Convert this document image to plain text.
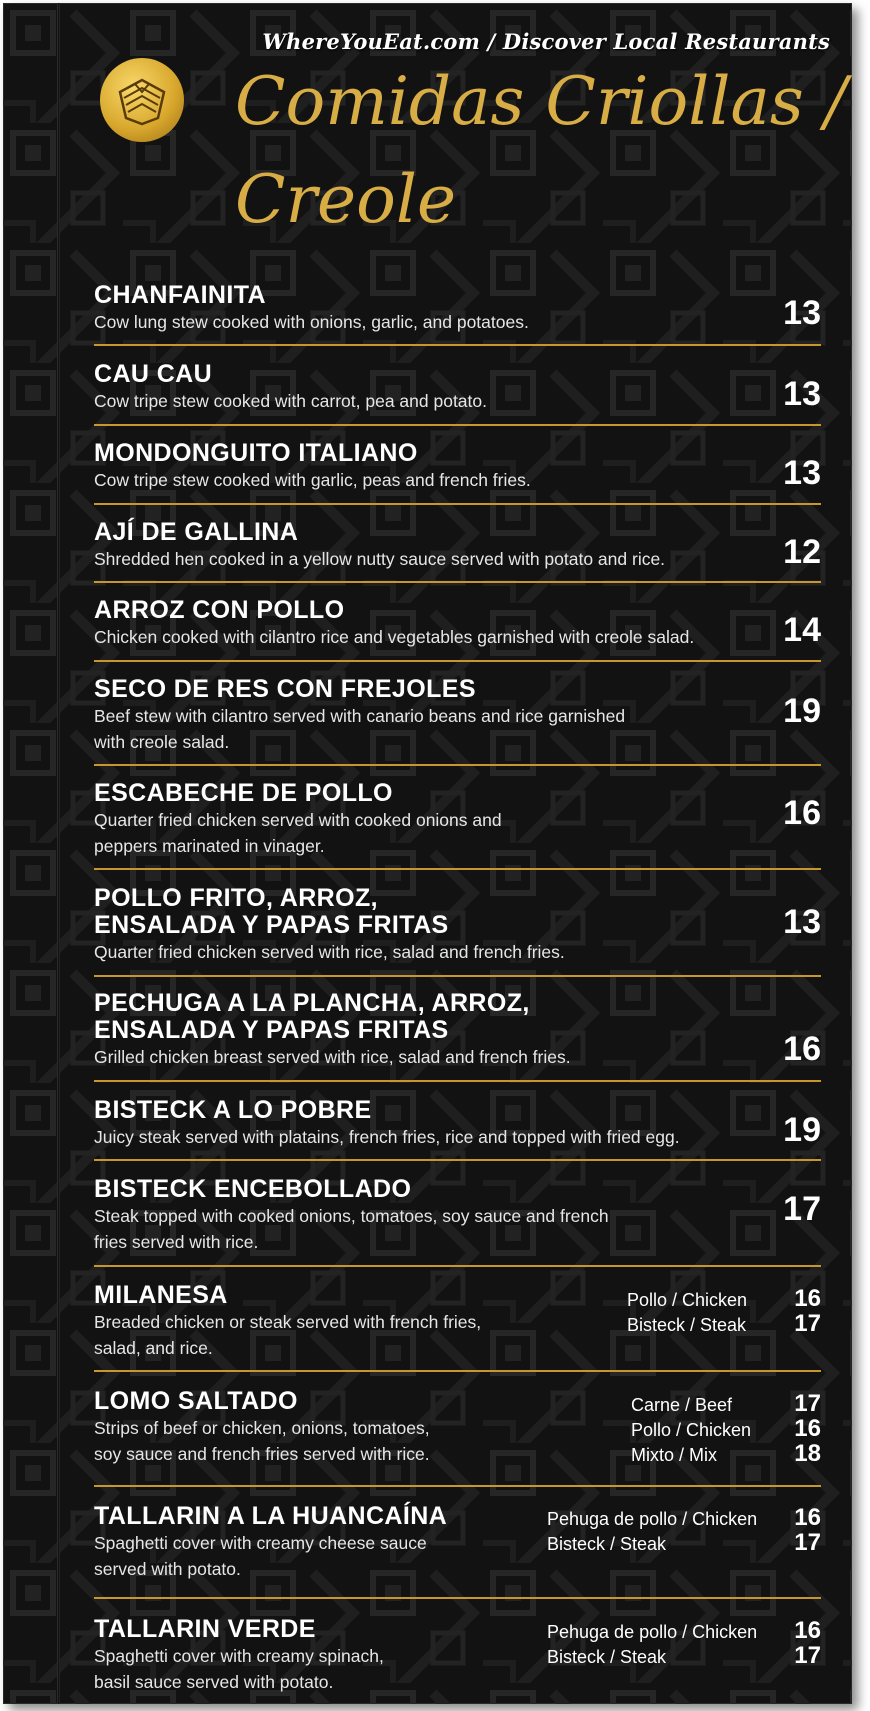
WhereYouEat.com / Discover Local Restaurants
Comidas Criollas /
Creole
CHANFAINITA
Cow lung stew cooked with onions, garlic, and potatoes.	13
CAU CAU
Cow tripe stew cooked with carrot, pea and potato.	13
MONDONGUITO ITALIANO
Cow tripe stew cooked with garlic, peas and french fries.	13
AJÍ DE GALLINA
Shredded hen cooked in a yellow nutty sauce served with potato and rice.	12
ARROZ CON POLLO
Chicken cooked with cilantro rice and vegetables garnished with creole salad.	14
SECO DE RES CON FREJOLES
Beef stew with cilantro served with canario beans and rice garnished
with creole salad.
19
ESCABECHE DE POLLO
Quarter fried chicken served with cooked onions and
peppers marinated in vinager.
16
POLLO FRITO, ARROZ,
ENSALADA Y PAPAS FRITAS
Quarter fried chicken served with rice, salad and french fries.
13
PECHUGA A LA PLANCHA, ARROZ,
ENSALADA Y PAPAS FRITAS
Grilled chicken breast served with rice, salad and french fries.	16
BISTECK A LO POBRE
Juicy steak served with platains, french fries, rice and topped with fried egg.	19
BISTECK ENCEBOLLADO
Steak topped with cooked onions, tomatoes, soy sauce and french
fries served with rice.
17
MILANESA
Breaded chicken or steak served with french fries,
salad, and rice.
Pollo / Chicken 16
Bisteck / Steak 17
LOMO SALTADO
Strips of beef or chicken, onions, tomatoes,
soy sauce and french fries served with rice.
Carne / Beef	17
Pollo / Chicken 16
Mixto / Mix	18
TALLARIN A LA HUANCAÍNA
Spaghetti cover with creamy cheese sauce
served with potato.
Pehuga de pollo / Chicken 16
Bisteck / Steak	17
TALLARIN VERDE
Spaghetti cover with creamy spinach,
basil sauce served with potato.
Pehuga de pollo / Chicken 16
Bisteck / Steak	17
